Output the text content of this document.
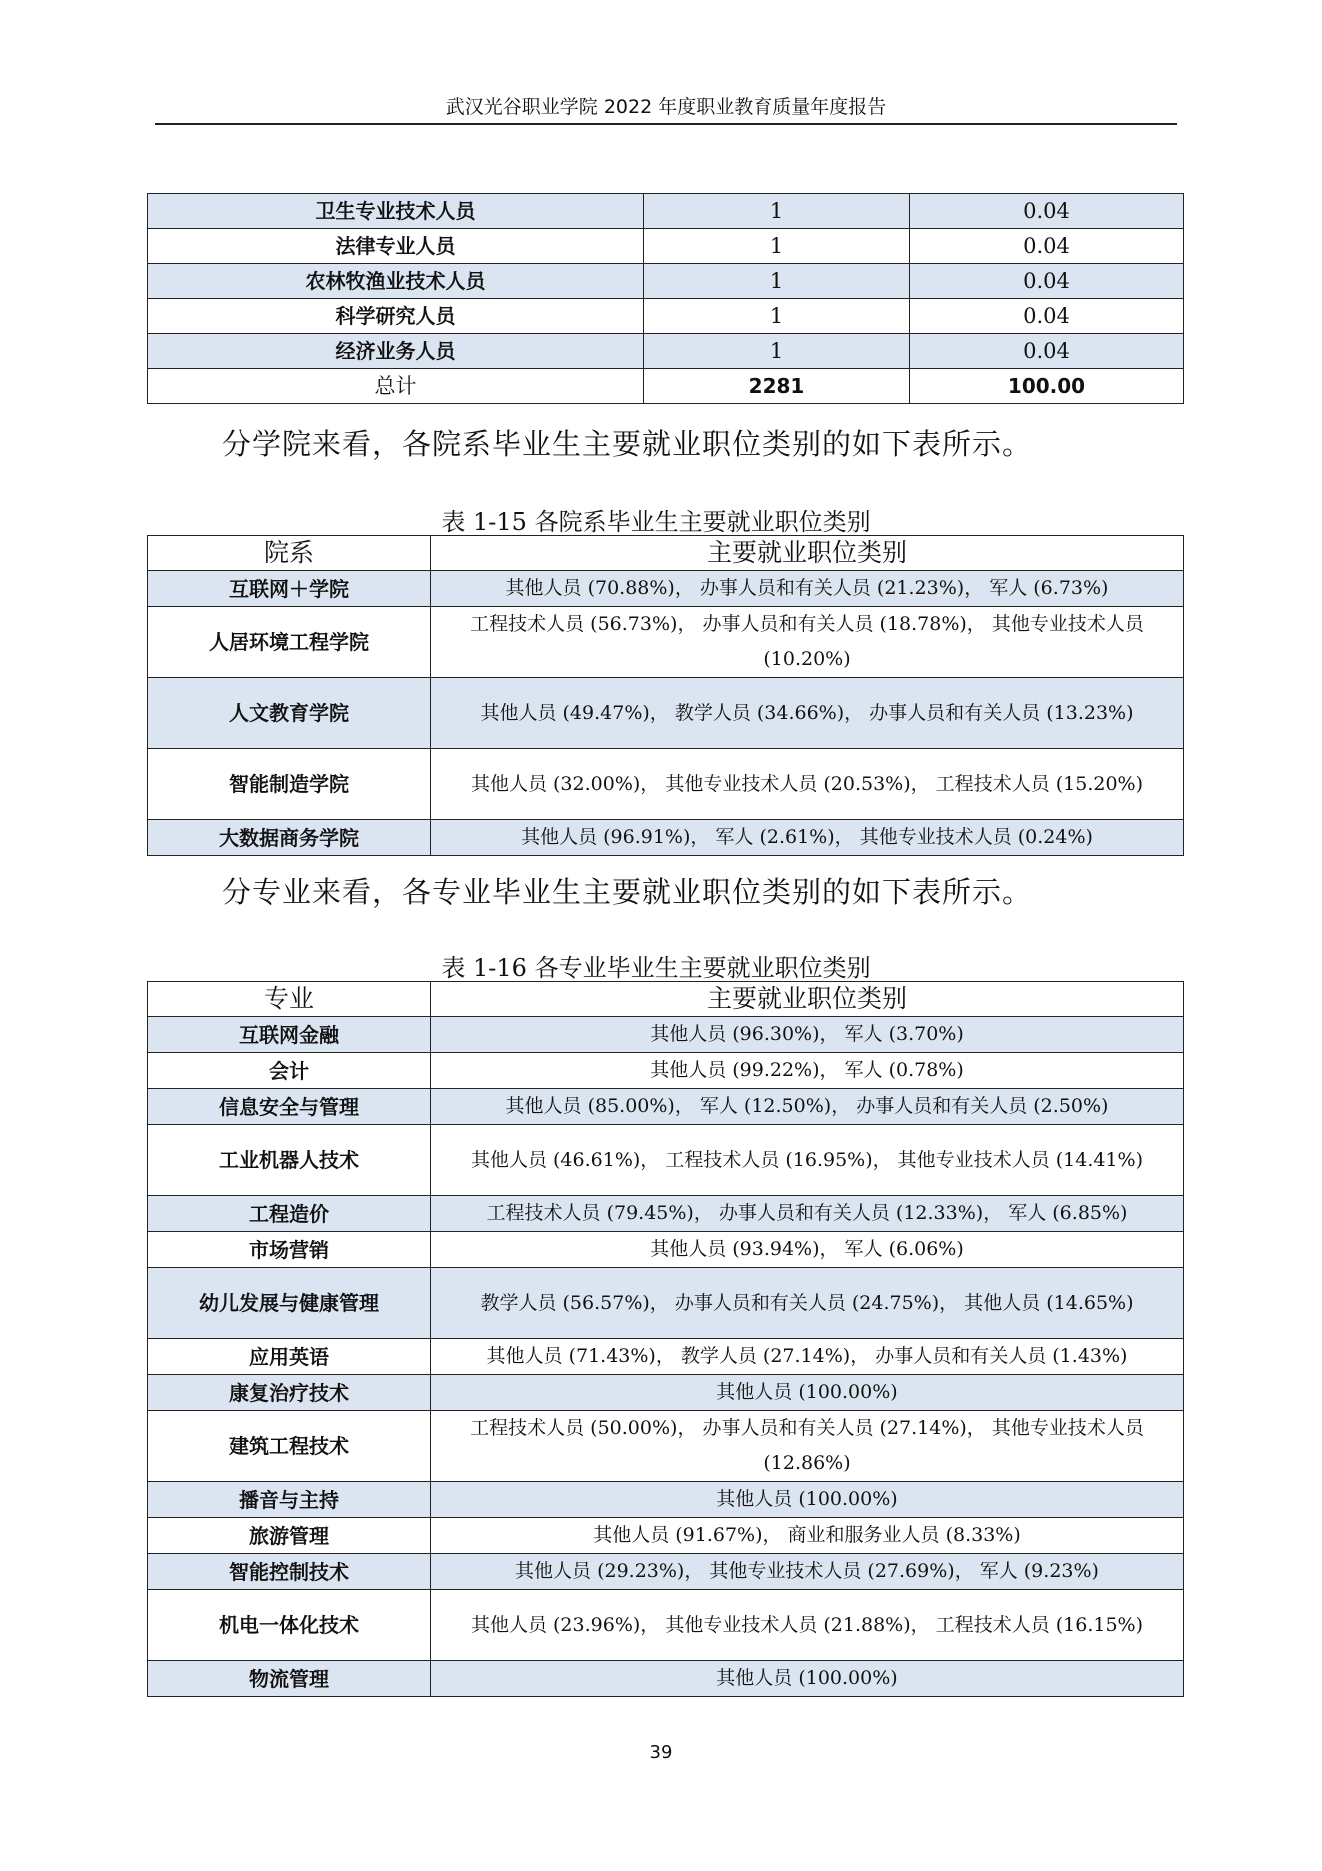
武汉光谷职业学院 2022 年度职业教育质量年度报告
卫生专业技术人员	1	0.04
法律专业人员	1	0.04
农林牧渔业技术人员	1	0.04
科学研究人员	1	0.04
经济业务人员	1	0.04
总计	2281	100.00
分学院来看，各院系毕业生主要就业职位类别的如下表所示。
表 1-15 各院系毕业生主要就业职位类别
院系	主要就业职位类别
互联网＋学院	其他人员 (70.88%)， 办事人员和有关人员 (21.23%)， 军人 (6.73%)
人居环境工程学院	工程技术人员 (56.73%)， 办事人员和有关人员 (18.78%)， 其他专业技术人员 (10.20%)
人文教育学院	其他人员 (49.47%)， 教学人员 (34.66%)， 办事人员和有关人员 (13.23%)
智能制造学院	其他人员 (32.00%)， 其他专业技术人员 (20.53%)， 工程技术人员 (15.20%)
大数据商务学院	其他人员 (96.91%)， 军人 (2.61%)， 其他专业技术人员 (0.24%)
分专业来看，各专业毕业生主要就业职位类别的如下表所示。
表 1-16 各专业毕业生主要就业职位类别
专业	主要就业职位类别
互联网金融	其他人员 (96.30%)， 军人 (3.70%)
会计	其他人员 (99.22%)， 军人 (0.78%)
信息安全与管理	其他人员 (85.00%)， 军人 (12.50%)， 办事人员和有关人员 (2.50%)
工业机器人技术	其他人员 (46.61%)， 工程技术人员 (16.95%)， 其他专业技术人员 (14.41%)
工程造价	工程技术人员 (79.45%)， 办事人员和有关人员 (12.33%)， 军人 (6.85%)
市场营销	其他人员 (93.94%)， 军人 (6.06%)
幼儿发展与健康管理	教学人员 (56.57%)， 办事人员和有关人员 (24.75%)， 其他人员 (14.65%)
应用英语	其他人员 (71.43%)， 教学人员 (27.14%)， 办事人员和有关人员 (1.43%)
康复治疗技术	其他人员 (100.00%)
建筑工程技术	工程技术人员 (50.00%)， 办事人员和有关人员 (27.14%)， 其他专业技术人员 (12.86%)
播音与主持	其他人员 (100.00%)
旅游管理	其他人员 (91.67%)， 商业和服务业人员 (8.33%)
智能控制技术	其他人员 (29.23%)， 其他专业技术人员 (27.69%)， 军人 (9.23%)
机电一体化技术	其他人员 (23.96%)， 其他专业技术人员 (21.88%)， 工程技术人员 (16.15%)
物流管理	其他人员 (100.00%)
39
